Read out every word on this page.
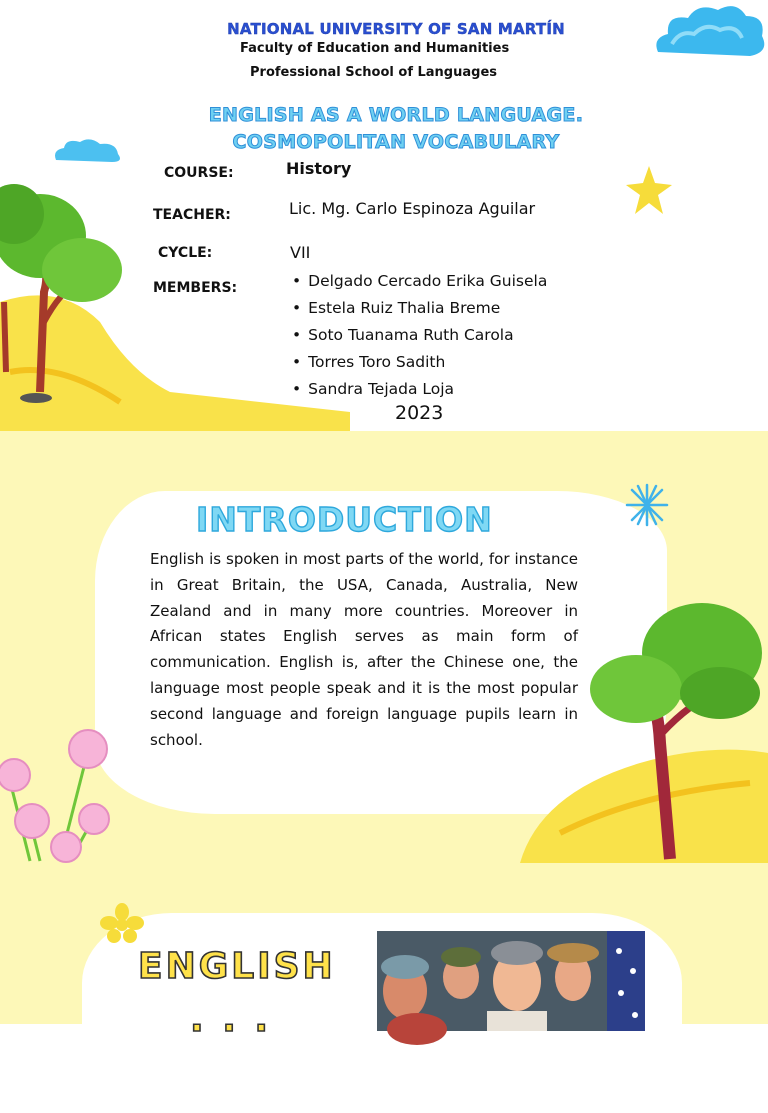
NATIONAL UNIVERSITY OF SAN MARTÍN
Faculty of Education and Humanities
Professional School of Languages
ENGLISH AS A WORLD LANGUAGE.
COSMOPOLITAN VOCABULARY
COURSE:	History
TEACHER:	Lic. Mg. Carlo Espinoza Aguilar
CYCLE:	VII
MEMBERS:
•	Delgado Cercado Erika Guisela
• Estela Ruiz Thalia Breme
• Soto Tuanama Ruth Carola
• Torres Toro Sadith
• Sandra Tejada Loja
2023
INTRODUCTION

English is spoken in most parts of the world, for instance in Great Britain, the USA, Canada, Australia, New Zealand and in many more countries. Moreover in African states English serves as main form of communication. English is, after the Chinese one, the language most people speak and it is the most popular second language and foreign language pupils learn in school.

ENGLISH
· · ·
